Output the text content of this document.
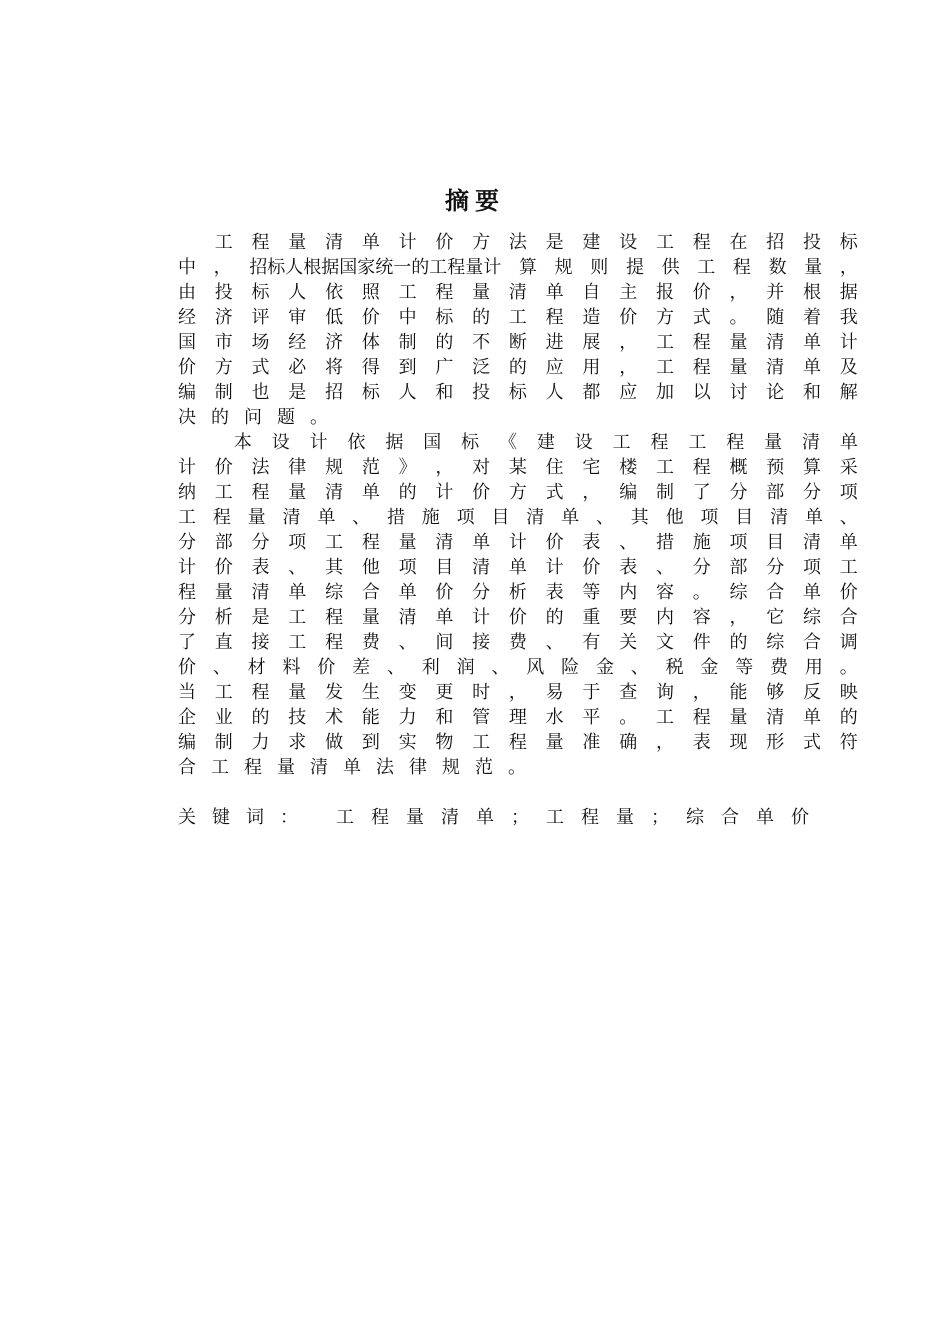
摘要

工 程 量 清 单 计 价 方 法 是 建 设 工 程 在 招 投 标
中 ， 招标人根据国家统一的工程量计 算 规 则 提 供 工 程 数 量 ，
由 投 标 人 依 照 工 程 量 清 单 自 主 报 价 ， 并 根 据
经 济 评 审 低 价 中 标 的 工 程 造 价 方 式 。 随 着 我
国 市 场 经 济 体 制 的 不 断 进 展 ， 工 程 量 清 单 计
价 方 式 必 将 得 到 广 泛 的 应 用 ， 工 程 量 清 单 及
编 制 也 是 招 标 人 和 投 标 人 都 应 加 以 讨 论 和 解
决 的 问 题 。

本 设 计 依 据 国 标 《 建 设 工 程 工 程 量 清 单
计 价 法 律 规 范 》 ， 对 某 住 宅 楼 工 程 概 预 算 采
纳 工 程 量 清 单 的 计 价 方 式 ， 编 制 了 分 部 分 项
工 程 量 清 单 、 措 施 项 目 清 单 、 其 他 项 目 清 单 、
分 部 分 项 工 程 量 清 单 计 价 表 、 措 施 项 目 清 单
计 价 表 、 其 他 项 目 清 单 计 价 表 、 分 部 分 项 工
程 量 清 单 综 合 单 价 分 析 表 等 内 容 。 综 合 单 价
分 析 是 工 程 量 清 单 计 价 的 重 要 内 容 ， 它 综 合
了 直 接 工 程 费 、 间 接 费 、 有 关 文 件 的 综 合 调
价 、 材 料 价 差 、 利 润 、 风 险 金 、 税 金 等 费 用 。
当 工 程 量 发 生 变 更 时 ， 易 于 查 询 ， 能 够 反 映
企 业 的 技 术 能 力 和 管 理 水 平 。 工 程 量 清 单 的
编 制 力 求 做 到 实 物 工 程 量 准 确 ， 表 现 形 式 符
合 工 程 量 清 单 法 律 规 范 。
关键词： 工程量清单；工程量；综合单价
